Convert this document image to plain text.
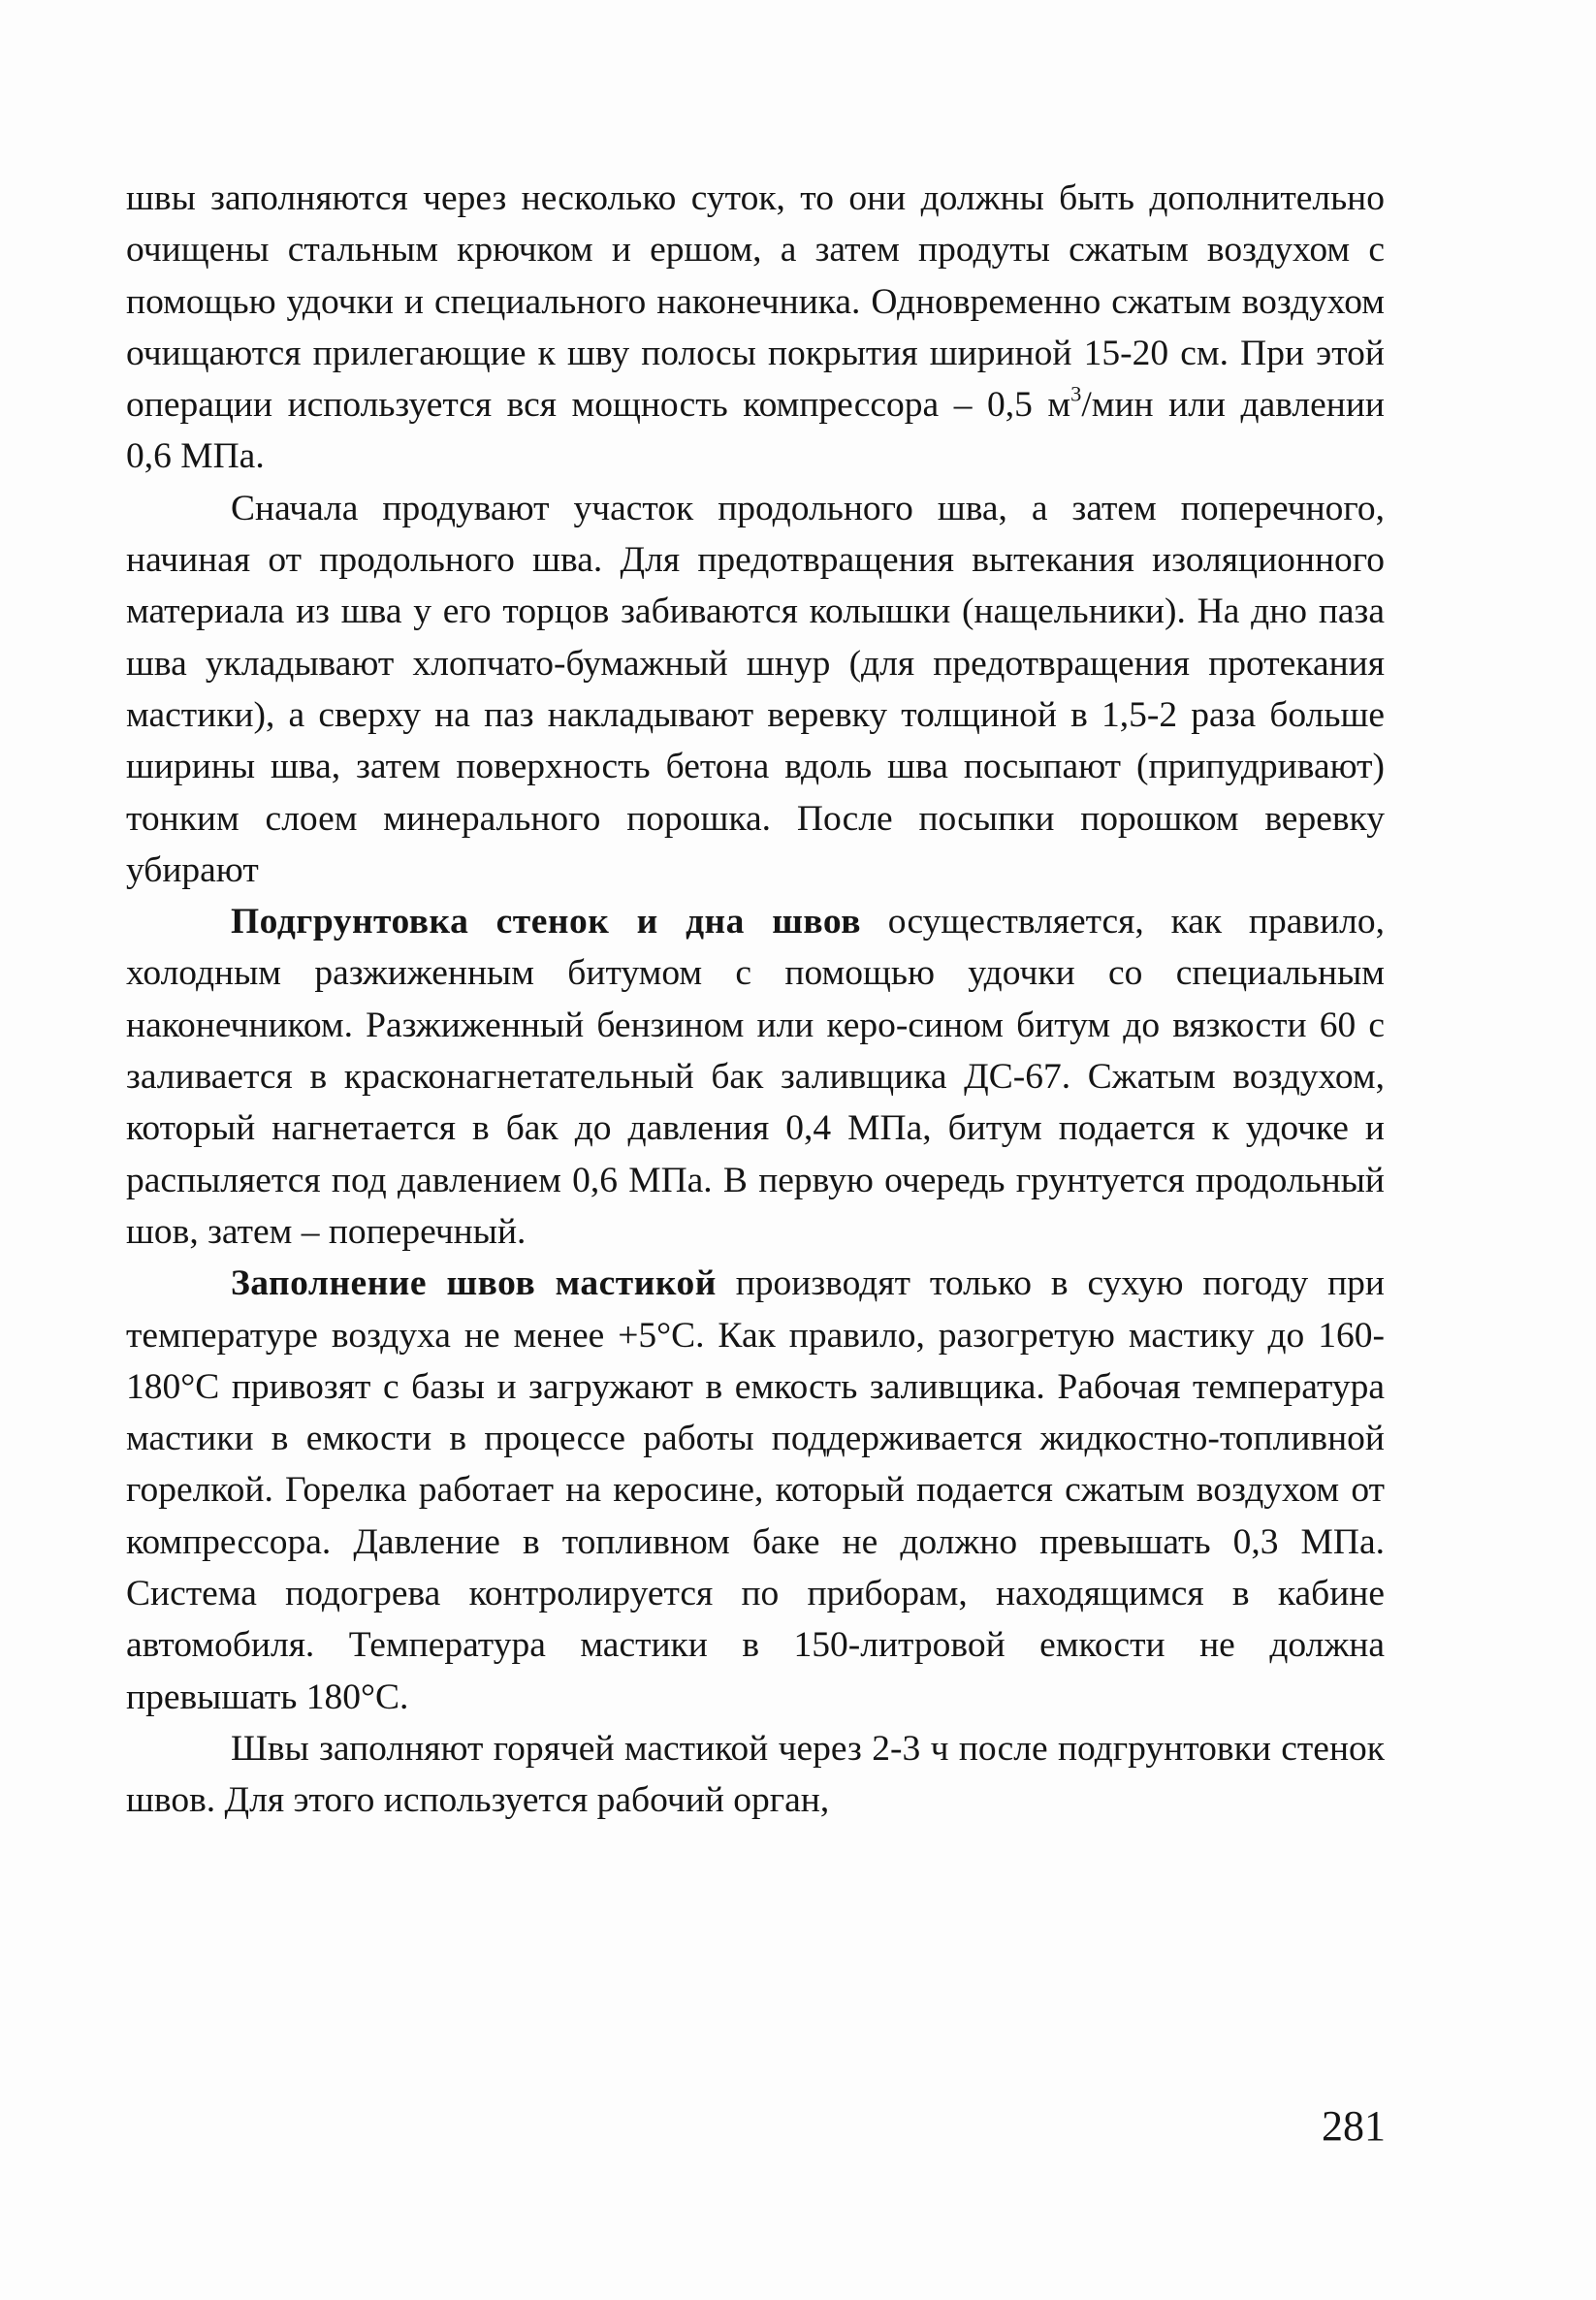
швы заполняются через несколько суток, то они должны быть дополнительно очищены стальным крючком и ершом, а затем продуты сжатым воздухом с помощью удочки и специального наконечника. Одновременно сжатым воздухом очищаются прилегающие к шву полосы покрытия шириной 15-20 см. При этой операции используется вся мощность компрессора – 0,5 $м^3$/мин или давлении 0,6 МПа.

Сначала продувают участок продольного шва, а затем поперечного, начиная от продольного шва. Для предотвращения вытекания изоляционного материала из шва у его торцов забиваются колышки (нащельники). На дно паза шва укладывают хлопчато-бумажный шнур (для предотвращения протекания мастики), а сверху на паз накладывают веревку толщиной в 1,5-2 раза больше ширины шва, затем поверхность бетона вдоль шва посыпают (припудривают) тонким слоем минерального порошка. После посыпки порошком веревку убирают

Подгрунтовка стенок и дна швов осуществляется, как правило, холодным разжиженным битумом с помощью удочки со специальным наконечником. Разжиженный бензином или керо-сином битум до вязкости 60 с заливается в красконагнетательный бак заливщика ДС-67. Сжатым воздухом, который нагнетается в бак до давления 0,4 МПа, битум подается к удочке и распыляется под давлением 0,6 МПа. В первую очередь грунтуется продольный шов, затем – поперечный.

Заполнение швов мастикой производят только в сухую погоду при температуре воздуха не менее +5°С. Как правило, разогретую мастику до 160-180°С привозят с базы и загружают в емкость заливщика. Рабочая температура мастики в емкости в процессе работы поддерживается жидкостно-топливной горелкой. Горелка работает на керосине, который подается сжатым воздухом от компрессора. Давление в топливном баке не должно превышать 0,3 МПа. Система подогрева контролируется по приборам, находящимся в кабине автомобиля. Температура мастики в 150-литровой емкости не должна превышать 180°С.

Швы заполняют горячей мастикой через 2-3 ч после подгрунтовки стенок швов. Для этого используется рабочий орган,

281
